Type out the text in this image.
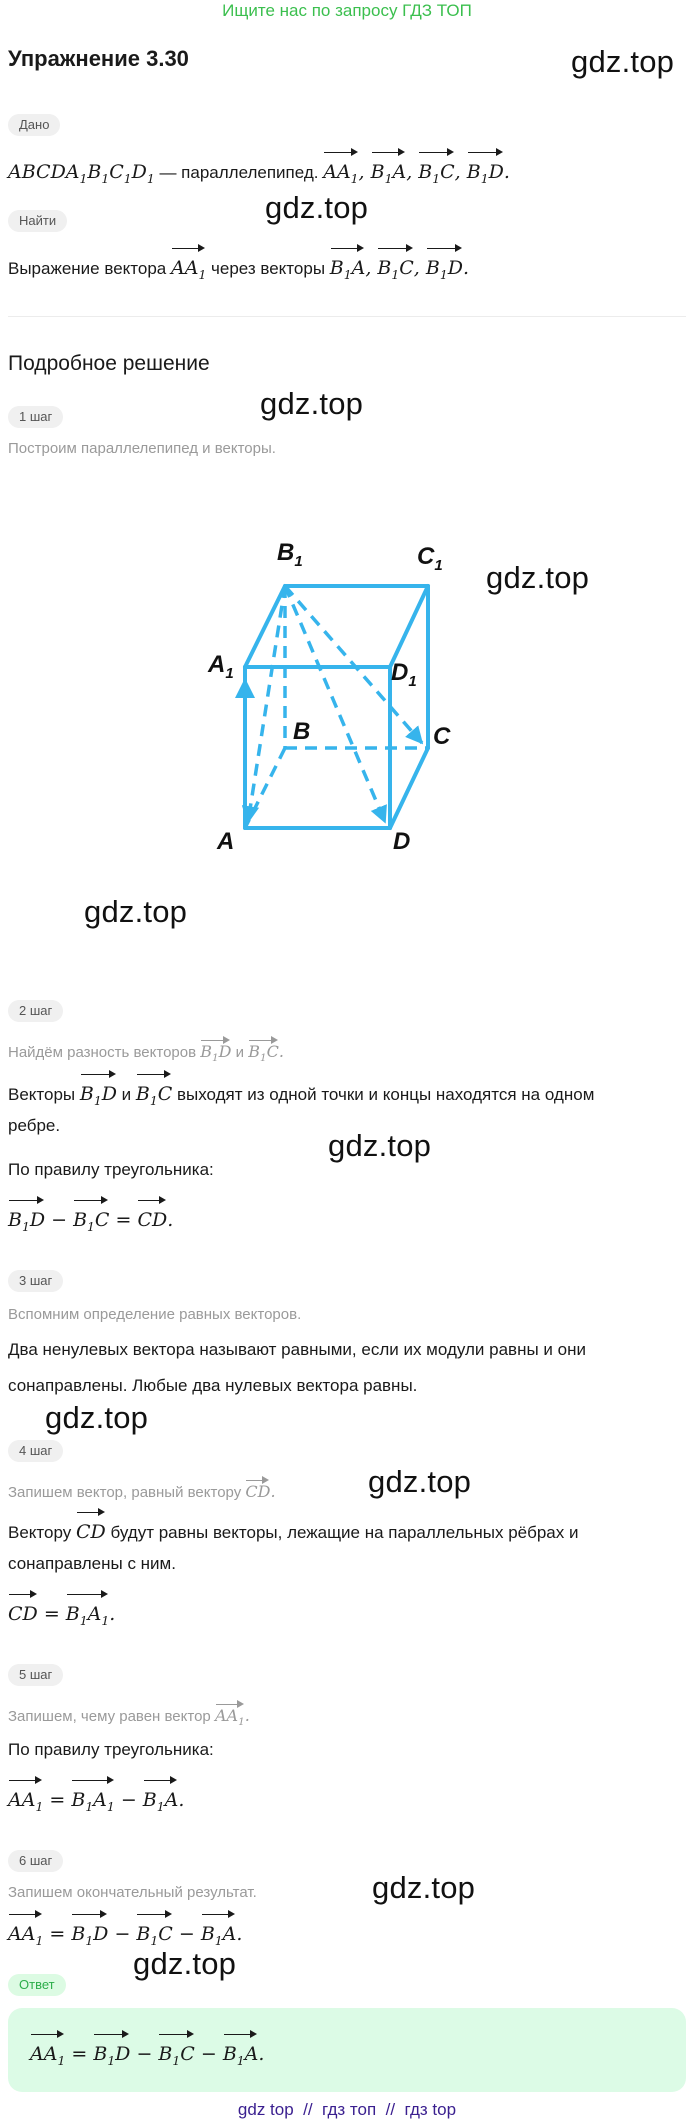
Ищите нас по запросу ГДЗ ТОП
Упражнение 3.30	gdz.top
Дано
$ABCDA_1B_1C_1D_1$ — параллелепипед. $AA_1$, $B_1A$, $B_1C$, $B_1D$.
Найти	gdz.top
Выражение вектора $AA_1$ через векторы $B_1A$, $B_1C$, $B_1D$.
Подробное решение
gdz.top
1 шаг
Построим параллелепипед и векторы.
$B_1$	$C_1$
$A_1$	$D_1$
B	C
A	D
gdz.top
gdz.top
2 шаг
Найдём разность векторов $B_1D$ и $B_1C$.
Векторы $B_1D$ и $B_1C$ выходят из одной точки и концы находятся на одном
ребре.
gdz.top
По правилу треугольника:
$B_1D - B_1C$ = CD.
3 шаг
Вспомним определение равных векторов.
Два ненулевых вектора называют равными, если их модули равны и они
сонаправлены. Любые два нулевых вектора равны.
gdz.top
4 шаг
Запишем вектор, равный вектору CD.	gdz.top
Вектору CD будут равны векторы, лежащие на параллельных рёбрах и
сонаправлены с ним.
CD = $B_1A_1$.
5 шаг
Запишем, чему равен вектор $AA_1$.
По правилу треугольника:
$AA_1 = B_1A_1 - B_1A$.
6 шаг
Запишем окончательный результат.	gdz.top
$AA_1 = B_1D - B_1C - B_1A$.
gdz.top
Ответ
$AA_1 = B_1D - B_1C - B_1A$.
gdz top // гдз топ // гдз top
